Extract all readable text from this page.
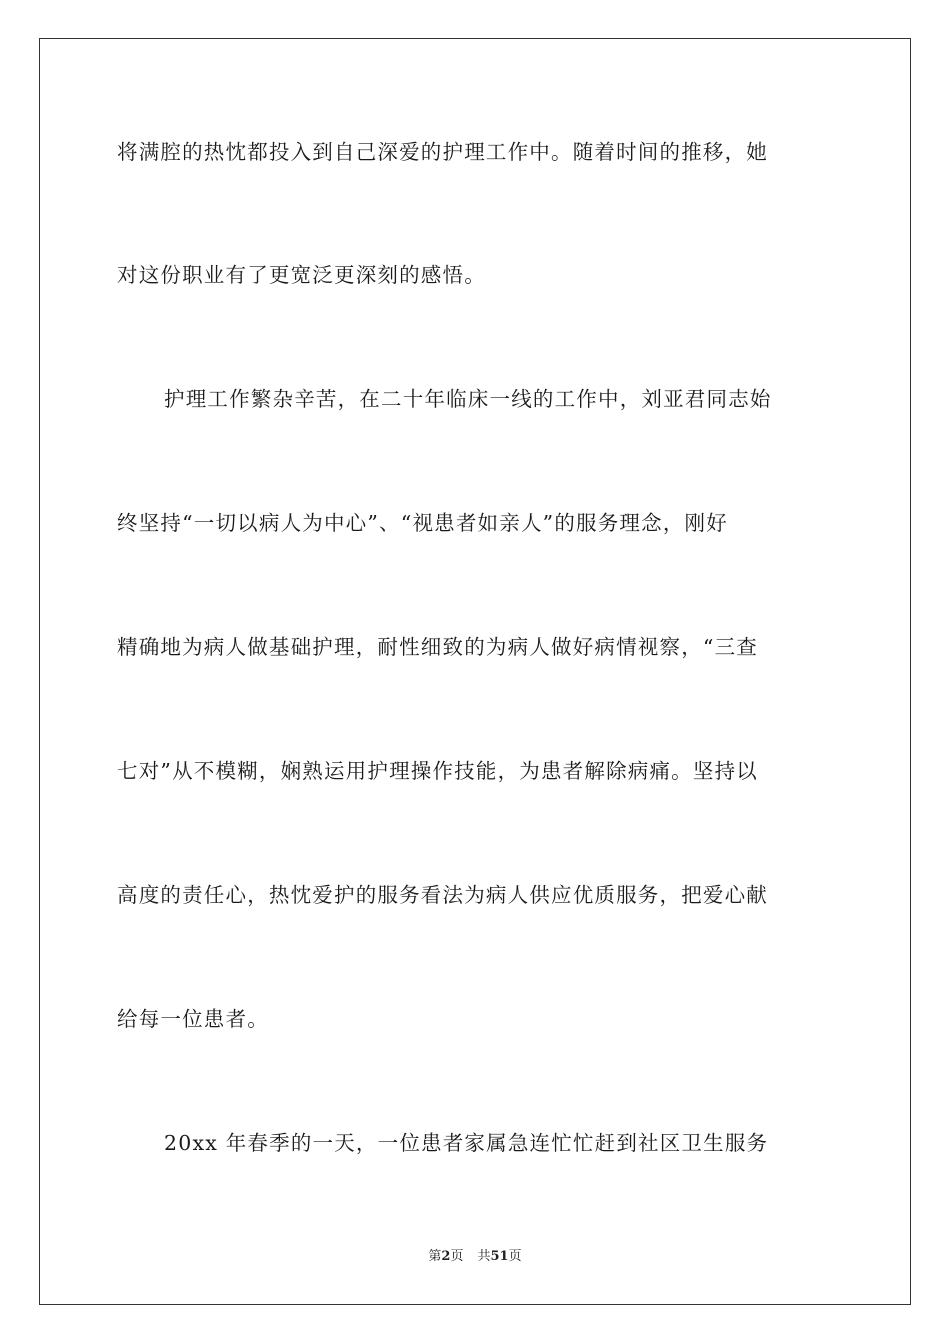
将满腔的热忱都投入到自己深爱的护理工作中。随着时间的推移，她
对这份职业有了更宽泛更深刻的感悟。
护理工作繁杂辛苦，在二十年临床一线的工作中，刘亚君同志始
终坚持“一切以病人为中心”、“视患者如亲人”的服务理念，刚好
精确地为病人做基础护理，耐性细致的为病人做好病情视察，“三查
七对”从不模糊，娴熟运用护理操作技能，为患者解除病痛。坚持以
高度的责任心，热忱爱护的服务看法为病人供应优质服务，把爱心献
给每一位患者。
20xx 年春季的一天，一位患者家属急连忙忙赶到社区卫生服务
第2页 共51页
